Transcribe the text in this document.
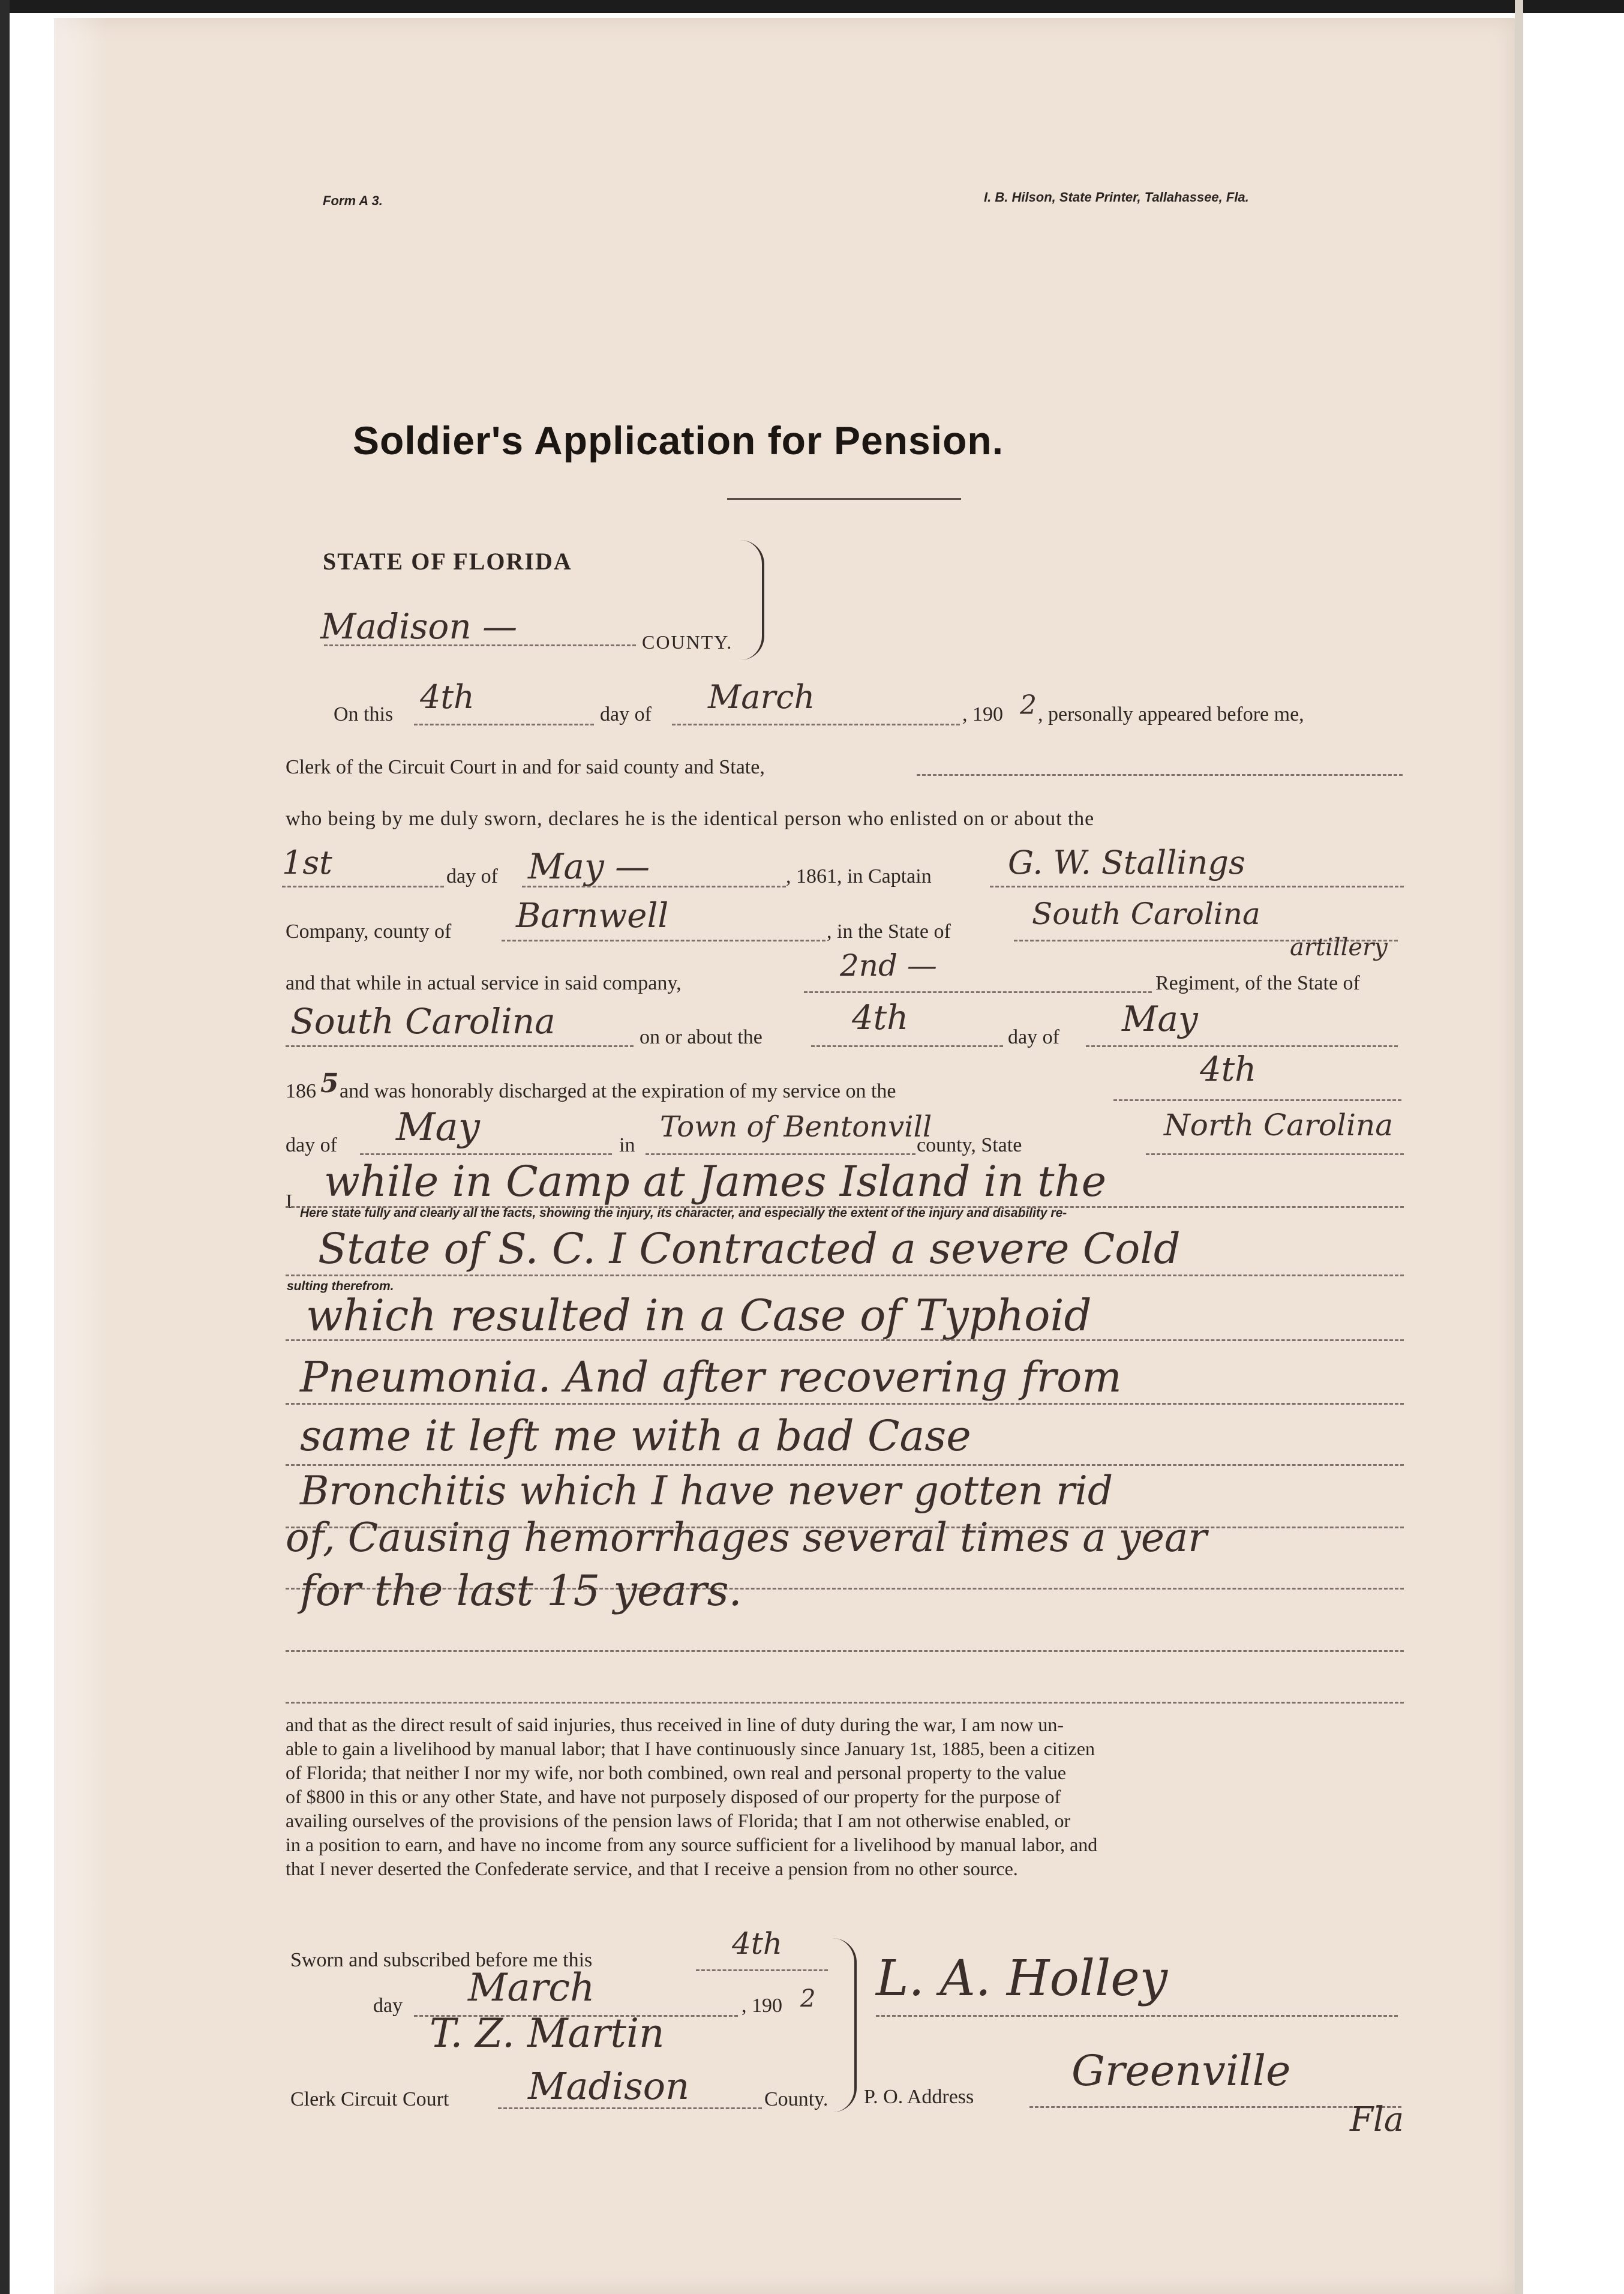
Form A 3.	I. B. Hilson, State Printer, Tallahassee, Fla.
Soldier's Application for Pension.
STATE OF FLORIDA
Madison —	COUNTY.
On this 4th	day of March	, 190 2 , personally appeared before me,
Clerk of the Circuit Court in and for said county and State,
who being by me duly sworn, declares he is the identical person who enlisted on or about the
1st	day of May —	, 1861, in Captain G. W. Stallings
Company, county of Barnwell	, in the State of
South Carolina
artillery
and that while in actual service in said company,
2nd —
Regiment, of the State of
South Carolina	on or about the	4th	day of May
186 5 and was honorably discharged at the expiration of my service on the
4th
day of May	in
Town of Bentonvill
county, State
North Carolina
I
Here state fully and clearly all the facts, showing the injury, its character, and especially the extent of the injury and disability re-
sulting therefrom.
while in Camp at James Island in the
State of S. C. I Contracted a severe Cold
which resulted in a Case of Typhoid
Pneumonia. And after recovering from
same it left me with a bad Case
Bronchitis which I have never gotten rid
of, Causing hemorrhages several times a year
for the last 15 years.
and that as the direct result of said injuries, thus received in line of duty during the war, I am now un-
able to gain a livelihood by manual labor; that I have continuously since January 1st, 1885, been a citizen
of Florida; that neither I nor my wife, nor both combined, own real and personal property to the value
of $800 in this or any other State, and have not purposely disposed of our property for the purpose of
availing ourselves of the provisions of the pension laws of Florida; that I am not otherwise enabled, or
in a position to earn, and have no income from any source sufficient for a livelihood by manual labor, and
that I never deserted the Confederate service, and that I receive a pension from no other source.
Sworn and subscribed before me this	4th
day March	, 190 2
T. Z. Martin
Clerk Circuit Court Madison	County.
L. A. Holley
P. O. Address
Greenville
Fla
